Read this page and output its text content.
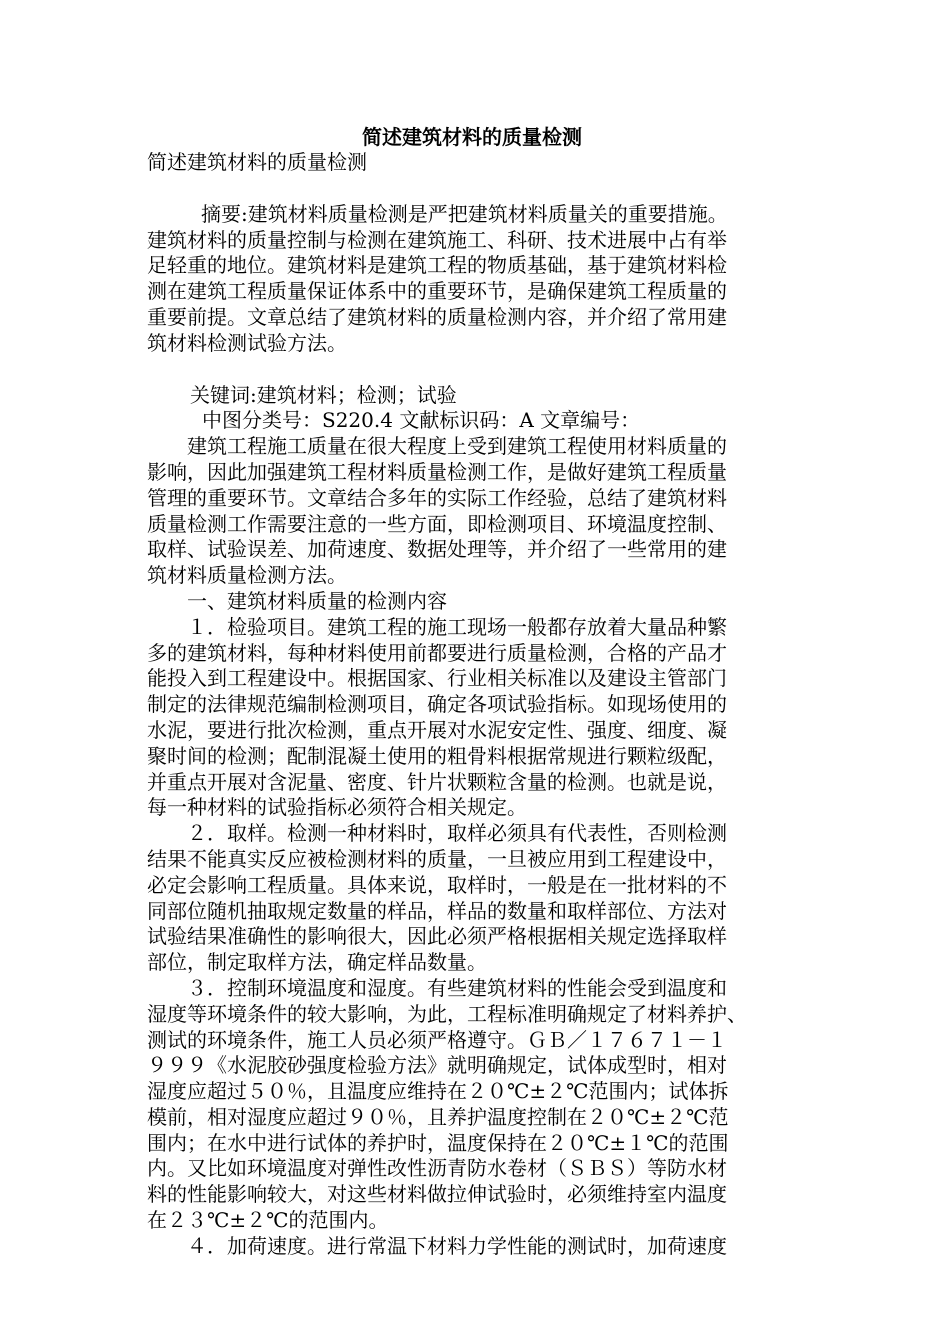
简述建筑材料的质量检测
简述建筑材料的质量检测
摘要:建筑材料质量检测是严把建筑材料质量关的重要措施。
建筑材料的质量控制与检测在建筑施工、科研、技术进展中占有举
足轻重的地位。建筑材料是建筑工程的物质基础，基于建筑材料检
测在建筑工程质量保证体系中的重要环节，是确保建筑工程质量的
重要前提。文章总结了建筑材料的质量检测内容，并介绍了常用建
筑材料检测试验方法。
关键词:建筑材料；检测；试验
中图分类号：S220.4 文献标识码：A 文章编号：
建筑工程施工质量在很大程度上受到建筑工程使用材料质量的
影响，因此加强建筑工程材料质量检测工作，是做好建筑工程质量
管理的重要环节。文章结合多年的实际工作经验，总结了建筑材料
质量检测工作需要注意的一些方面，即检测项目、环境温度控制、
取样、试验误差、加荷速度、数据处理等，并介绍了一些常用的建
筑材料质量检测方法。
一、建筑材料质量的检测内容
１．检验项目。建筑工程的施工现场一般都存放着大量品种繁
多的建筑材料，每种材料使用前都要进行质量检测，合格的产品才
能投入到工程建设中。根据国家、行业相关标准以及建设主管部门
制定的法律规范编制检测项目，确定各项试验指标。如现场使用的
水泥，要进行批次检测，重点开展对水泥安定性、强度、细度、凝
聚时间的检测；配制混凝土使用的粗骨料根据常规进行颗粒级配，
并重点开展对含泥量、密度、针片状颗粒含量的检测。也就是说，
每一种材料的试验指标必须符合相关规定。
２．取样。检测一种材料时，取样必须具有代表性，否则检测
结果不能真实反应被检测材料的质量，一旦被应用到工程建设中，
必定会影响工程质量。具体来说，取样时，一般是在一批材料的不
同部位随机抽取规定数量的样品，样品的数量和取样部位、方法对
试验结果准确性的影响很大，因此必须严格根据相关规定选择取样
部位，制定取样方法，确定样品数量。
３．控制环境温度和湿度。有些建筑材料的性能会受到温度和
湿度等环境条件的较大影响，为此，工程标准明确规定了材料养护、
测试的环境条件，施工人员必须严格遵守。ＧＢ／１７６７１－１
９９９《水泥胶砂强度检验方法》就明确规定，试体成型时，相对
湿度应超过５０％，且温度应维持在２０℃±２℃范围内；试体拆
模前，相对湿度应超过９０％，且养护温度控制在２０℃±２℃范
围内；在水中进行试体的养护时，温度保持在２０℃±１℃的范围
内。又比如环境温度对弹性改性沥青防水卷材（ＳＢＳ）等防水材
料的性能影响较大，对这些材料做拉伸试验时，必须维持室内温度
在２３℃±２℃的范围内。
４．加荷速度。进行常温下材料力学性能的测试时，加荷速度
